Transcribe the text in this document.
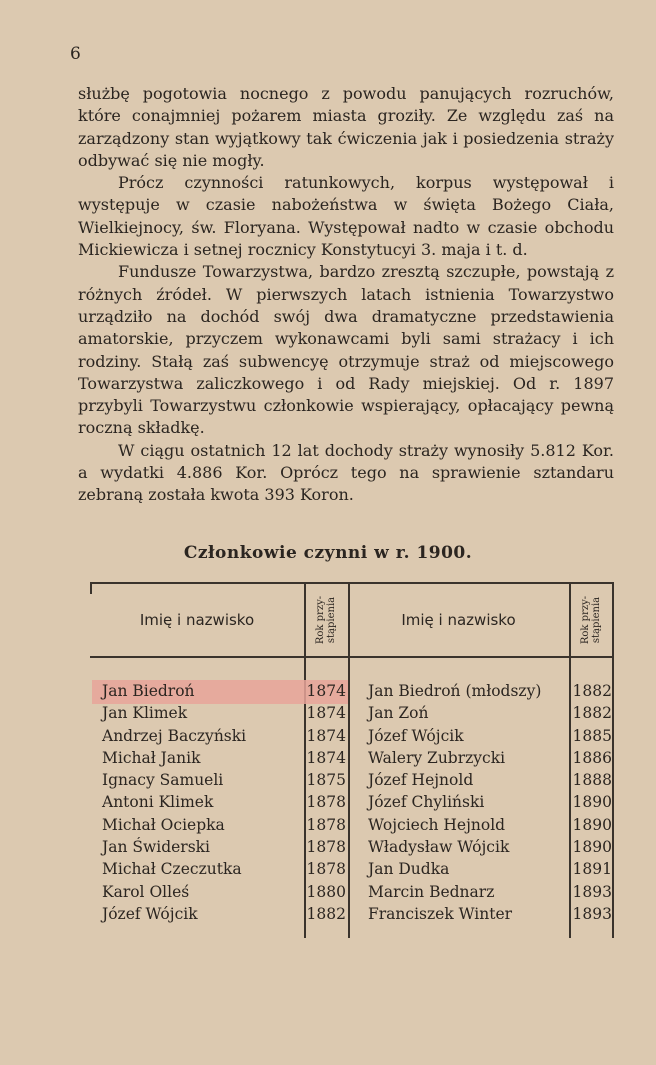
6

służbę pogotowia nocnego z powodu panujących rozruchów, które conajmniej pożarem miasta groziły. Ze względu zaś na zarządzony stan wyjątkowy tak ćwiczenia jak i posiedzenia straży odbywać się nie mogły.

Prócz czynności ratunkowych, korpus występował i występuje w czasie nabożeństwa w święta Bożego Ciała, Wielkiejnocy, św. Floryana. Występował nadto w czasie obchodu Mickiewicza i setnej rocznicy Konstytucyi 3. maja i t. d.

Fundusze Towarzystwa, bardzo zresztą szczupłe, powstają z różnych źródeł. W pierwszych latach istnienia Towarzystwo urządziło na dochód swój dwa dramatyczne przedstawienia amatorskie, przyczem wykonawcami byli sami strażacy i ich rodziny. Stałą zaś subwencyę otrzymuje straż od miejscowego Towarzystwa zaliczkowego i od Rady miejskiej. Od r. 1897 przybyli Towarzystwu członkowie wspierający, opłacający pewną roczną składkę.

W ciągu ostatnich 12 lat dochody straży wynosiły 5.812 Kor. a wydatki 4.886 Kor. Oprócz tego na sprawienie sztandaru zebraną została kwota 393 Koron.

Członkowie czynni w r. 1900.
Imię i nazwisko
Rok przy-
stąpienia	Imię i nazwisko
Rok przy-
stąpienia
Jan Biedroń	1874 Jan Biedroń (młodszy) 1882
Jan Klimek	1874 Jan Zoń	1882
Andrzej Baczyński	1874 Józef Wójcik	1885
Michał Janik	1874 Walery Zubrzycki	1886
Ignacy Samueli	1875 Józef Hejnold	1888
Antoni Klimek	1878 Józef Chyliński	1890
Michał Ociepka	1878 Wojciech Hejnold	1890
Jan Świderski	1878 Władysław Wójcik	1890
Michał Czeczutka	1878 Jan Dudka	1891
Karol Olleś	1880 Marcin Bednarz	1893
Józef Wójcik	1882 Franciszek Winter	1893
